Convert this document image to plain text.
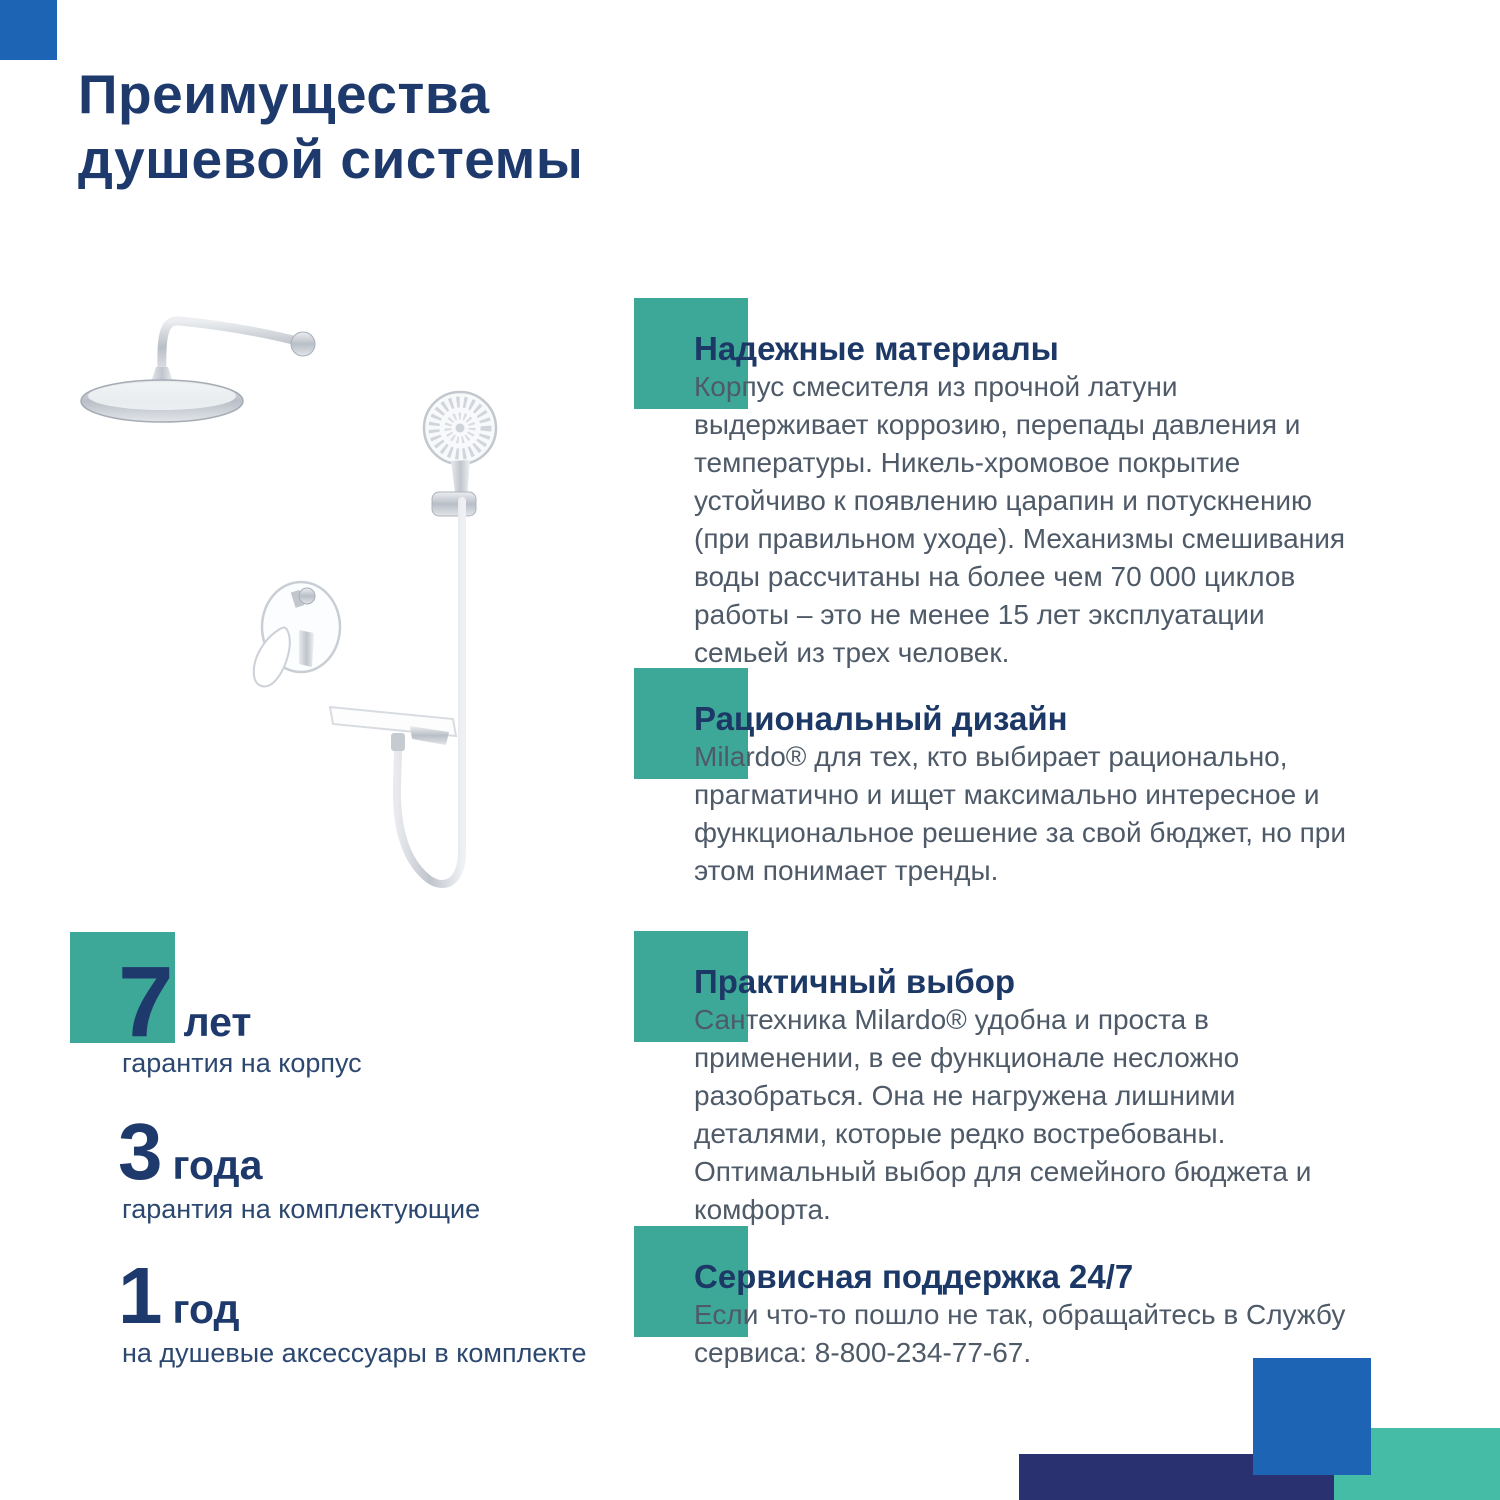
Преимущества
душевой системы
7 лет
гарантия на корпус
3 года
гарантия на комплектующие
1 год
на душевые аксессуары в комплекте
Надежные материалы

Корпус смесителя из прочной латуни выдерживает коррозию, перепады давления и температуры. Никель-хромовое покрытие устойчиво к появлению царапин и потускнению (при правильном уходе). Механизмы смешивания воды рассчитаны на более чем 70 000 циклов работы – это не менее 15 лет эксплуатации семьей из трех человек.

Рациональный дизайн

Milardo® для тех, кто выбирает рационально, прагматично и ищет максимально интересное и функциональное решение за свой бюджет, но при этом понимает тренды.

Практичный выбор

Сантехника Milardo® удобна и проста в применении, в ее функционале несложно разобраться. Она не нагружена лишними деталями, которые редко востребованы. Оптимальный выбор для семейного бюджета и комфорта.

Сервисная поддержка 24/7

Если что-то пошло не так, обращайтесь в Службу сервиса: 8-800-234-77-67.
